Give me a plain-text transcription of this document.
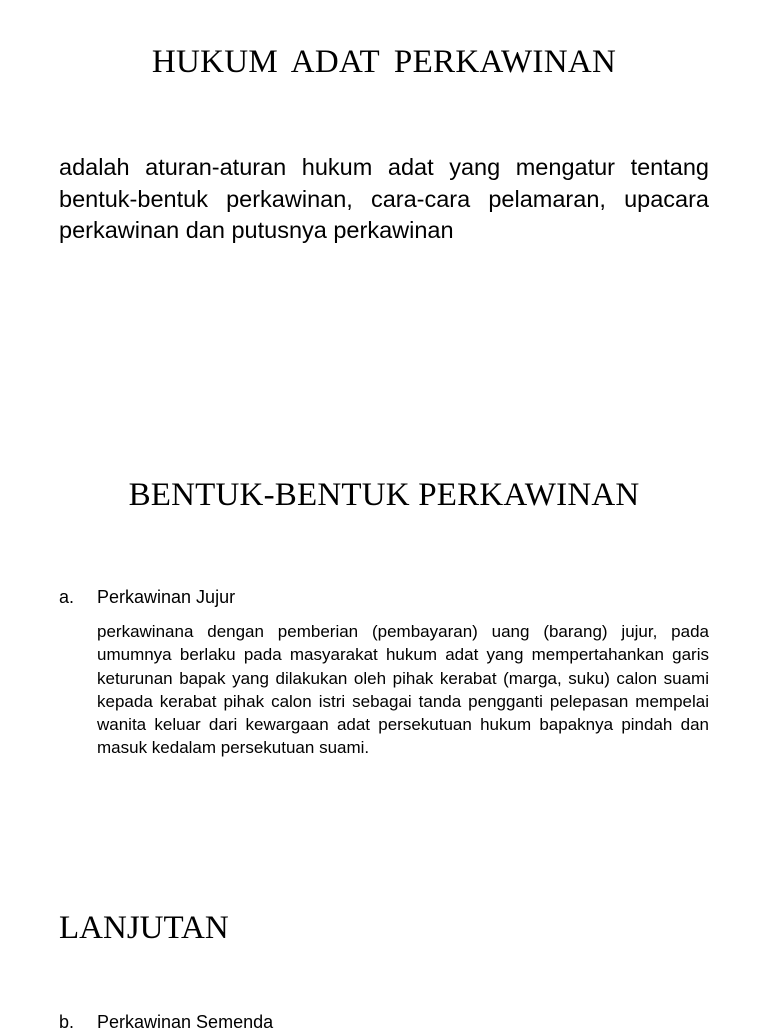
HUKUM ADAT PERKAWINAN

adalah aturan-aturan hukum adat yang mengatur tentang bentuk-bentuk perkawinan, cara-cara pelamaran, upacara perkawinan dan putusnya perkawinan

BENTUK-BENTUK PERKAWINAN

a. Perkawinan Jujur

perkawinana dengan pemberian (pembayaran) uang (barang) jujur, pada umumnya berlaku pada masyarakat hukum adat yang mempertahankan garis keturunan bapak yang dilakukan oleh pihak kerabat (marga, suku) calon suami kepada kerabat pihak calon istri sebagai tanda pengganti pelepasan mempelai wanita keluar dari kewargaan adat persekutuan hukum bapaknya pindah dan masuk kedalam persekutuan suami.

LANJUTAN

b. Perkawinan Semenda
